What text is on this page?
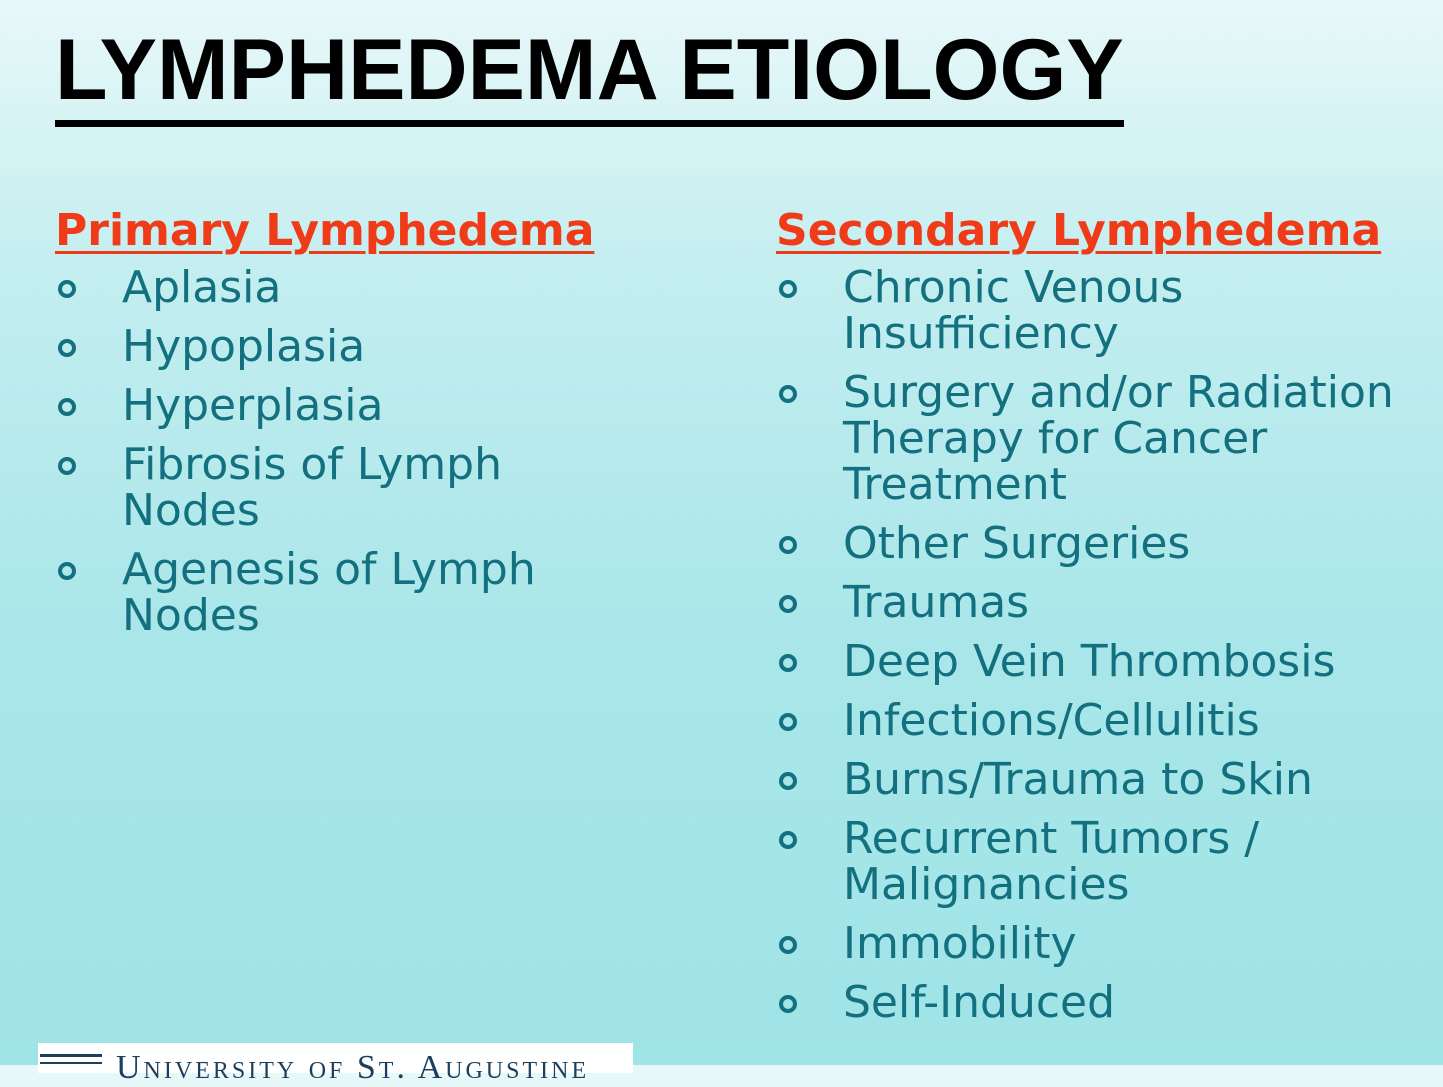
LYMPHEDEMA ETIOLOGY
Primary Lymphedema
Aplasia
Hypoplasia
Hyperplasia
Fibrosis of Lymph Nodes
Agenesis of Lymph Nodes
Secondary Lymphedema
Chronic Venous Insufficiency
Surgery and/or Radiation Therapy for Cancer Treatment
Other Surgeries
Traumas
Deep Vein Thrombosis
Infections/Cellulitis
Burns/Trauma to Skin
Recurrent Tumors / Malignancies
Immobility
Self-Induced
University of St. Augustine
